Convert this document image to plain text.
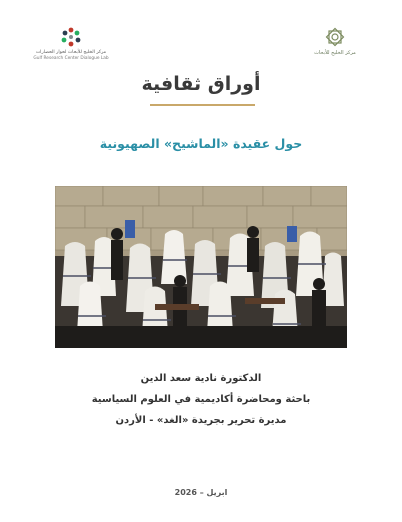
مركز الخليج للأبحاث
مركز الخليج للأبحاث لحوار الحضارات
Gulf Research Center Dialogue Lab
أوراق ثقافية
حول عقيدة «الماشيح» الصهيونية
الدكتورة نادية سعد الدين
باحثة ومحاضرة أكاديمية في العلوم السياسية
مديرة تحرير بجريدة «الغد» - الأردن
ابريل – 2026
